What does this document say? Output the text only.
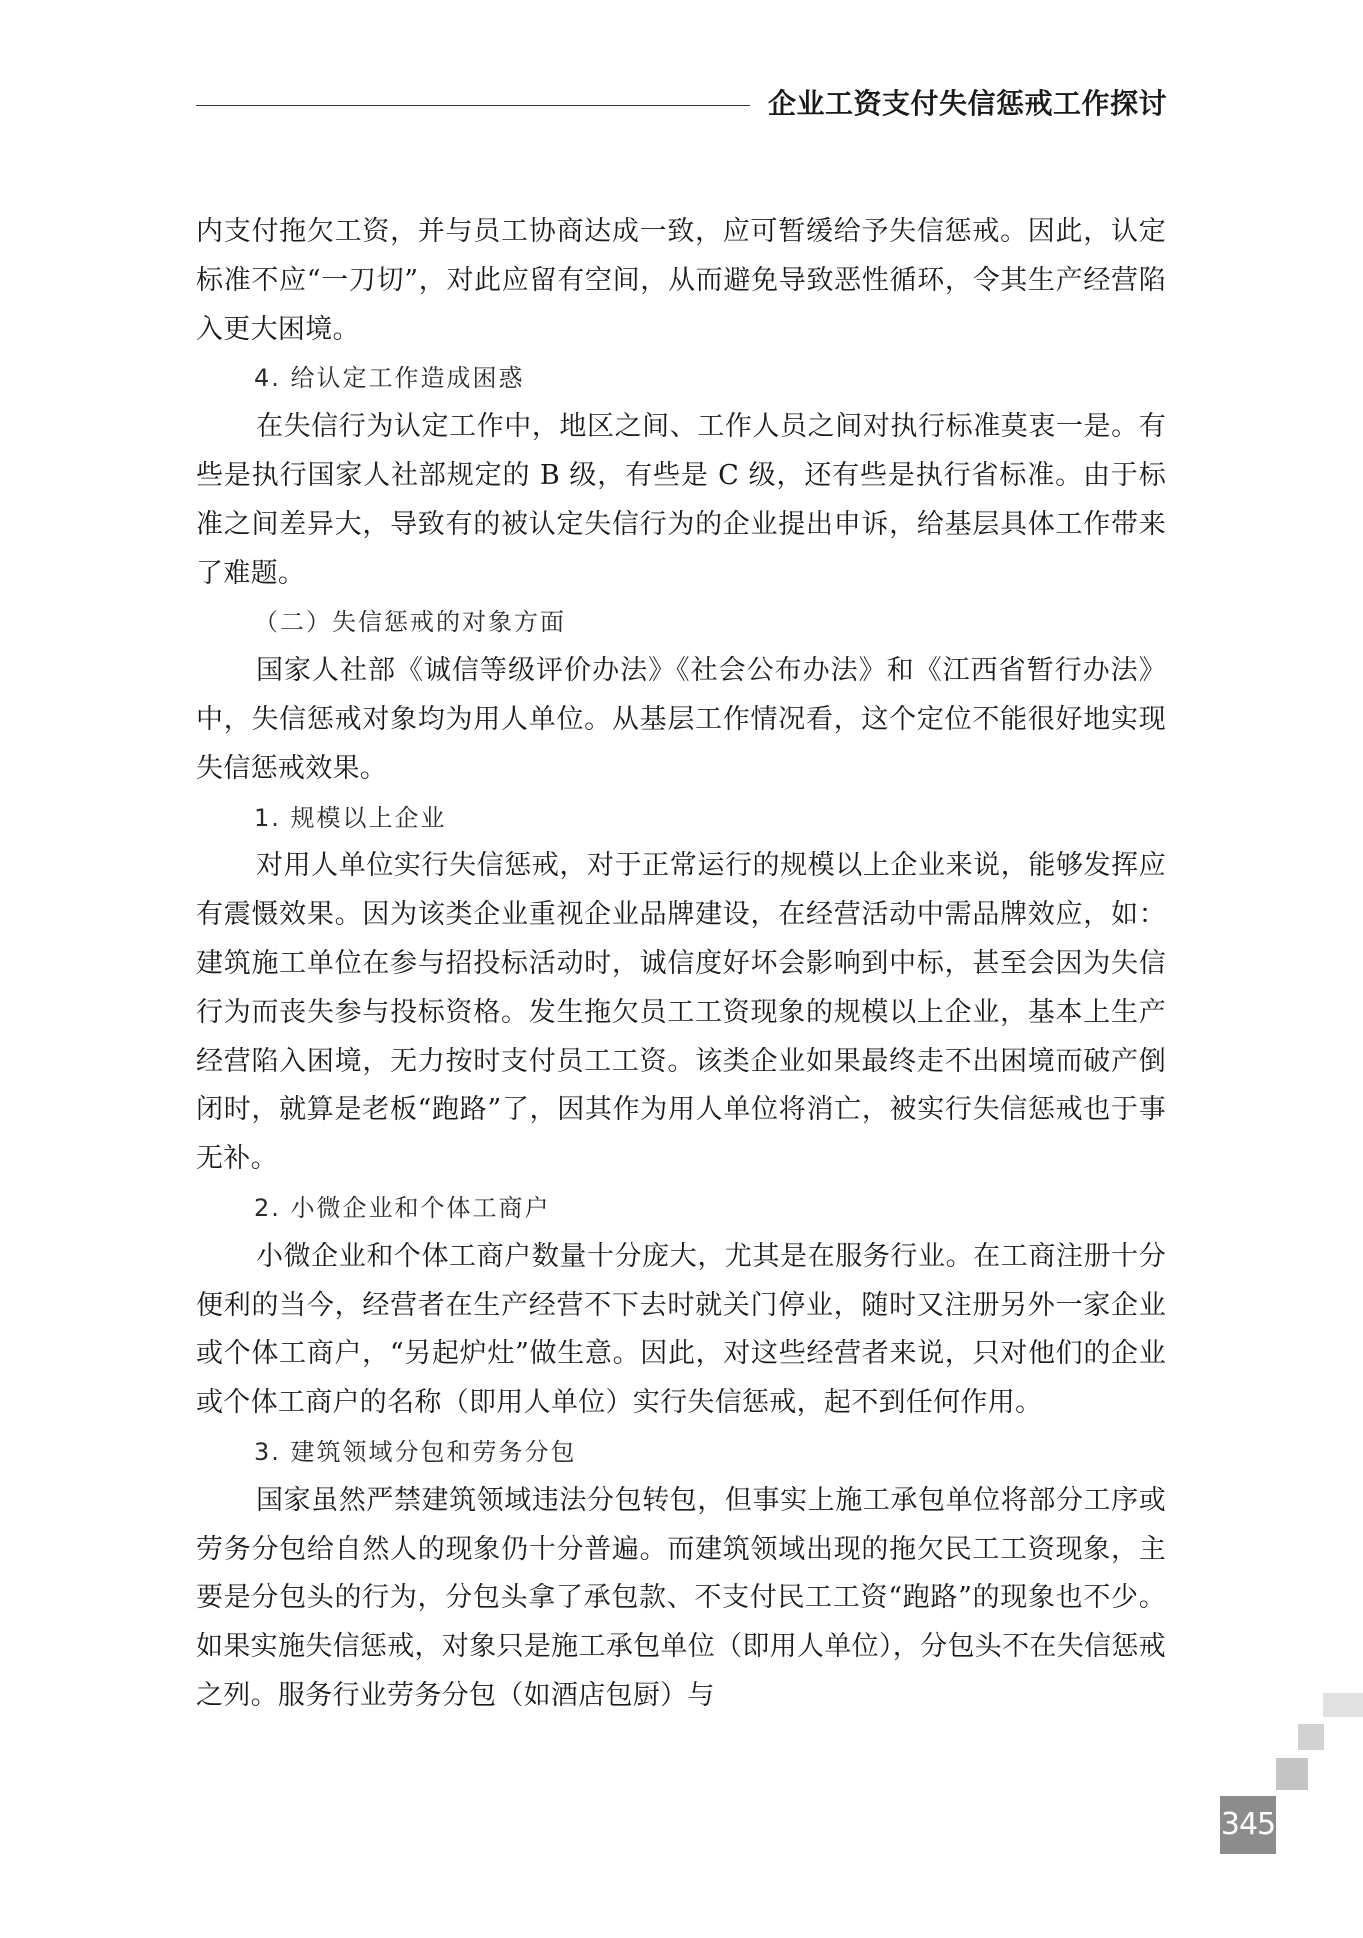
企业工资支付失信惩戒工作探讨

内支付拖欠工资，并与员工协商达成一致，应可暂缓给予失信惩戒。因此，认定标准不应“一刀切”，对此应留有空间，从而避免导致恶性循环，令其生产经营陷入更大困境。

4. 给认定工作造成困惑

在失信行为认定工作中，地区之间、工作人员之间对执行标准莫衷一是。有些是执行国家人社部规定的 B 级，有些是 C 级，还有些是执行省标准。由于标准之间差异大，导致有的被认定失信行为的企业提出申诉，给基层具体工作带来了难题。

（二）失信惩戒的对象方面

国家人社部《诚信等级评价办法》《社会公布办法》和《江西省暂行办法》中，失信惩戒对象均为用人单位。从基层工作情况看，这个定位不能很好地实现失信惩戒效果。

1. 规模以上企业

对用人单位实行失信惩戒，对于正常运行的规模以上企业来说，能够发挥应有震慑效果。因为该类企业重视企业品牌建设，在经营活动中需品牌效应，如：建筑施工单位在参与招投标活动时，诚信度好坏会影响到中标，甚至会因为失信行为而丧失参与投标资格。发生拖欠员工工资现象的规模以上企业，基本上生产经营陷入困境，无力按时支付员工工资。该类企业如果最终走不出困境而破产倒闭时，就算是老板“跑路”了，因其作为用人单位将消亡，被实行失信惩戒也于事无补。

2. 小微企业和个体工商户

小微企业和个体工商户数量十分庞大，尤其是在服务行业。在工商注册十分便利的当今，经营者在生产经营不下去时就关门停业，随时又注册另外一家企业或个体工商户，“另起炉灶”做生意。因此，对这些经营者来说，只对他们的企业或个体工商户的名称（即用人单位）实行失信惩戒，起不到任何作用。

3. 建筑领域分包和劳务分包

国家虽然严禁建筑领域违法分包转包，但事实上施工承包单位将部分工序或劳务分包给自然人的现象仍十分普遍。而建筑领域出现的拖欠民工工资现象，主要是分包头的行为，分包头拿了承包款、不支付民工工资“跑路”的现象也不少。如果实施失信惩戒，对象只是施工承包单位（即用人单位），分包头不在失信惩戒之列。服务行业劳务分包（如酒店包厨）与

345
